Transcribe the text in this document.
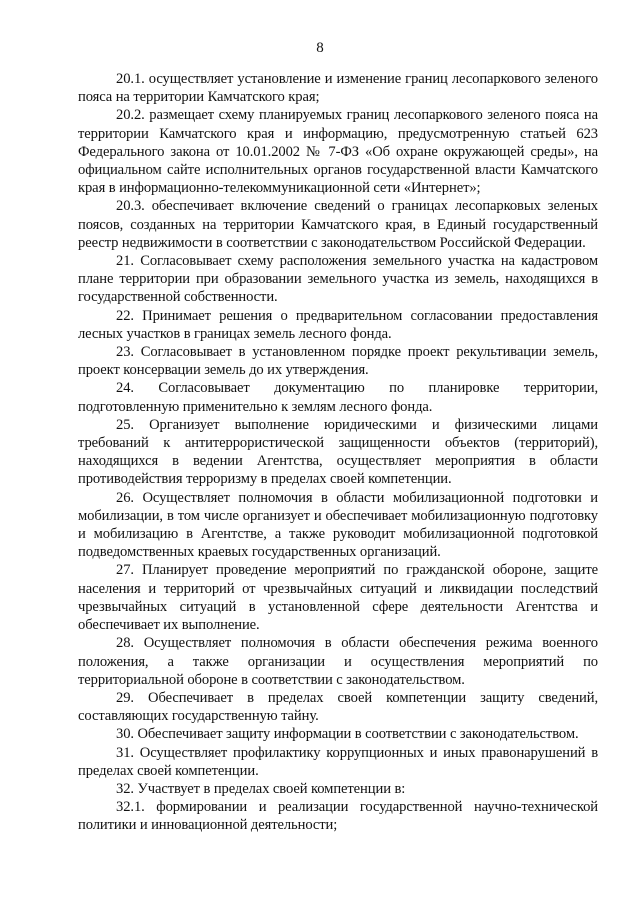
8

20.1. осуществляет установление и изменение границ лесопаркового зеленого пояса на территории Камчатского края;

20.2. размещает схему планируемых границ лесопаркового зеленого пояса на территории Камчатского края и информацию, предусмотренную статьей 623 Федерального закона от 10.01.2002 № 7-ФЗ «Об охране окружающей среды», на официальном сайте исполнительных органов государственной власти Камчатского края в информационно-телекоммуникационной сети «Интернет»;

20.3. обеспечивает включение сведений о границах лесопарковых зеленых поясов, созданных на территории Камчатского края, в Единый государственный реестр недвижимости в соответствии с законодательством Российской Федерации.

21. Согласовывает схему расположения земельного участка на кадастровом плане территории при образовании земельного участка из земель, находящихся в государственной собственности.

22. Принимает решения о предварительном согласовании предоставления лесных участков в границах земель лесного фонда.

23. Согласовывает в установленном порядке проект рекультивации земель, проект консервации земель до их утверждения.

24. Согласовывает документацию по планировке территории, подготовленную применительно к землям лесного фонда.

25. Организует выполнение юридическими и физическими лицами требований к антитеррористической защищенности объектов (территорий), находящихся в ведении Агентства, осуществляет мероприятия в области противодействия терроризму в пределах своей компетенции.

26. Осуществляет полномочия в области мобилизационной подготовки и мобилизации, в том числе организует и обеспечивает мобилизационную подготовку и мобилизацию в Агентстве, а также руководит мобилизационной подготовкой подведомственных краевых государственных организаций.

27. Планирует проведение мероприятий по гражданской обороне, защите населения и территорий от чрезвычайных ситуаций и ликвидации последствий чрезвычайных ситуаций в установленной сфере деятельности Агентства и обеспечивает их выполнение.

28. Осуществляет полномочия в области обеспечения режима военного положения, а также организации и осуществления мероприятий по территориальной обороне в соответствии с законодательством.

29. Обеспечивает в пределах своей компетенции защиту сведений, составляющих государственную тайну.

30. Обеспечивает защиту информации в соответствии с законодательством.

31. Осуществляет профилактику коррупционных и иных правонарушений в пределах своей компетенции.

32. Участвует в пределах своей компетенции в:

32.1. формировании и реализации государственной научно-технической политики и инновационной деятельности;
